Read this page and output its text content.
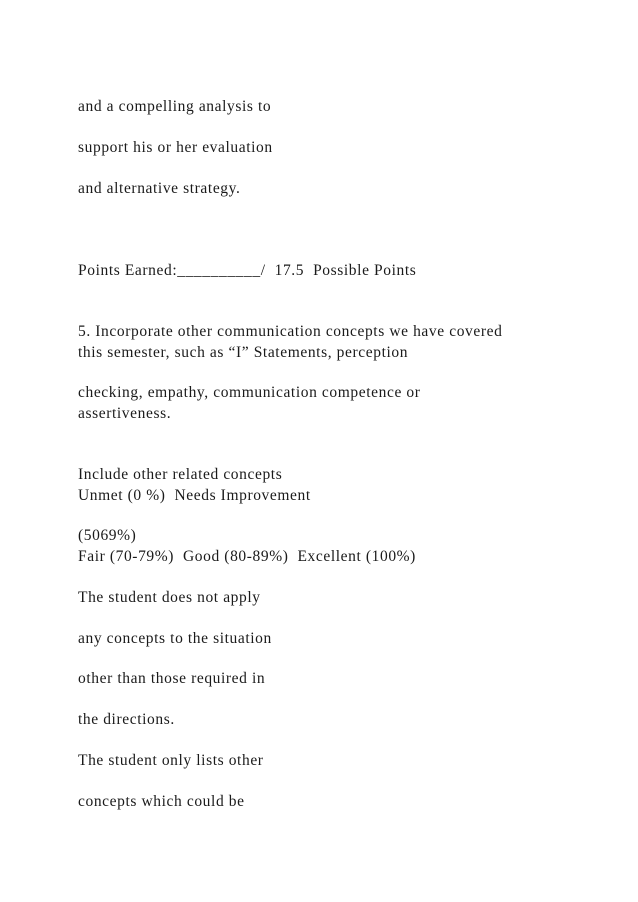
and a compelling analysis to
support his or her evaluation
and alternative strategy.
Points Earned:__________/  17.5  Possible Points
5. Incorporate other communication concepts we have covered
this semester, such as “I” Statements, perception
checking, empathy, communication competence or
assertiveness.
Include other related concepts
Unmet (0 %)  Needs Improvement
(5069%)
Fair (70-79%)  Good (80-89%)  Excellent (100%)
The student does not apply
any concepts to the situation
other than those required in
the directions.
The student only lists other
concepts which could be
